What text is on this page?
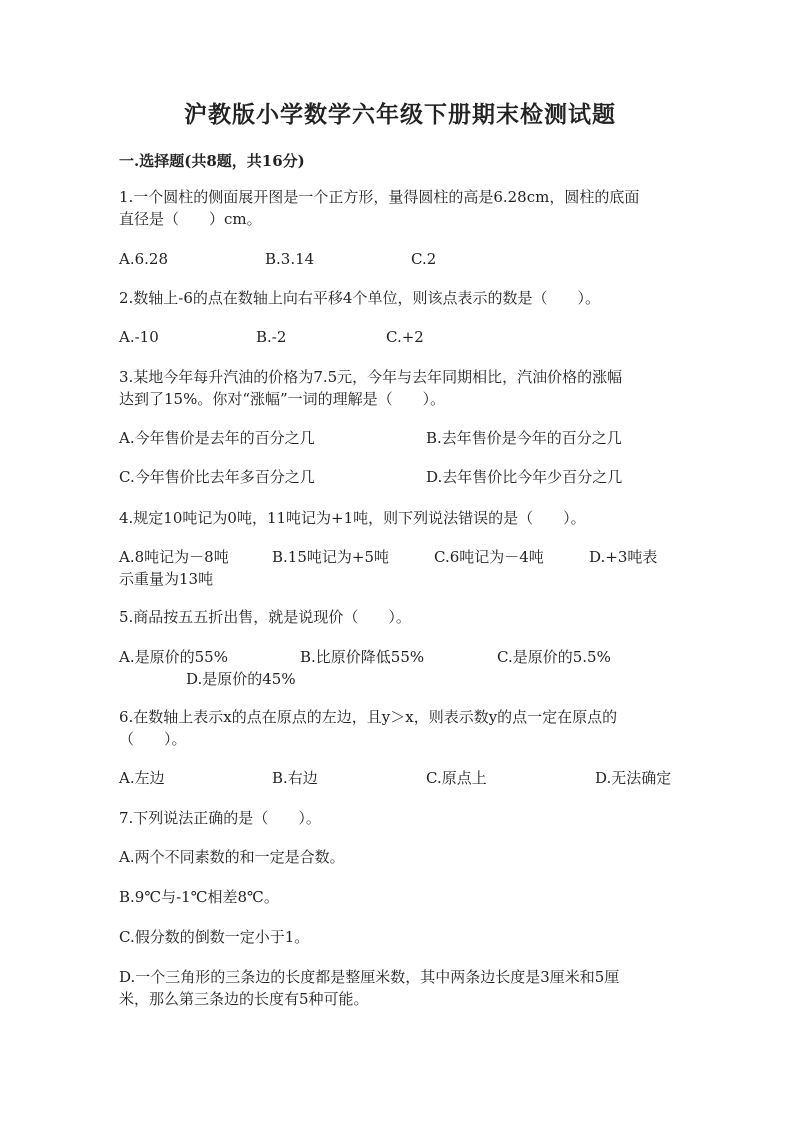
沪教版小学数学六年级下册期末检测试题
一.选择题(共8题，共16分)
1.一个圆柱的侧面展开图是一个正方形，量得圆柱的高是6.28cm，圆柱的底面
直径是（　　）cm。
A.6.28	B.3.14	C.2
2.数轴上-6的点在数轴上向右平移4个单位，则该点表示的数是（　　）。
A.-10	B.-2	C.+2
3.某地今年每升汽油的价格为7.5元，今年与去年同期相比，汽油价格的涨幅
达到了15%。你对“涨幅”一词的理解是（　　）。
A.今年售价是去年的百分之几	B.去年售价是今年的百分之几
C.今年售价比去年多百分之几	D.去年售价比今年少百分之几
4.规定10吨记为0吨，11吨记为+1吨，则下列说法错误的是（　　）。
A.8吨记为－8吨	B.15吨记为+5吨	C.6吨记为－4吨	D.+3吨表
示重量为13吨
5.商品按五五折出售，就是说现价（　　）。
A.是原价的55%	B.比原价降低55%	C.是原价的5.5%
D.是原价的45%
6.在数轴上表示x的点在原点的左边，且y＞x，则表示数y的点一定在原点的
（　　）。
A.左边	B.右边	C.原点上	D.无法确定
7.下列说法正确的是（　　）。
A.两个不同素数的和一定是合数。
B.9℃与-1℃相差8℃。
C.假分数的倒数一定小于1。
D.一个三角形的三条边的长度都是整厘米数，其中两条边长度是3厘米和5厘
米，那么第三条边的长度有5种可能。
